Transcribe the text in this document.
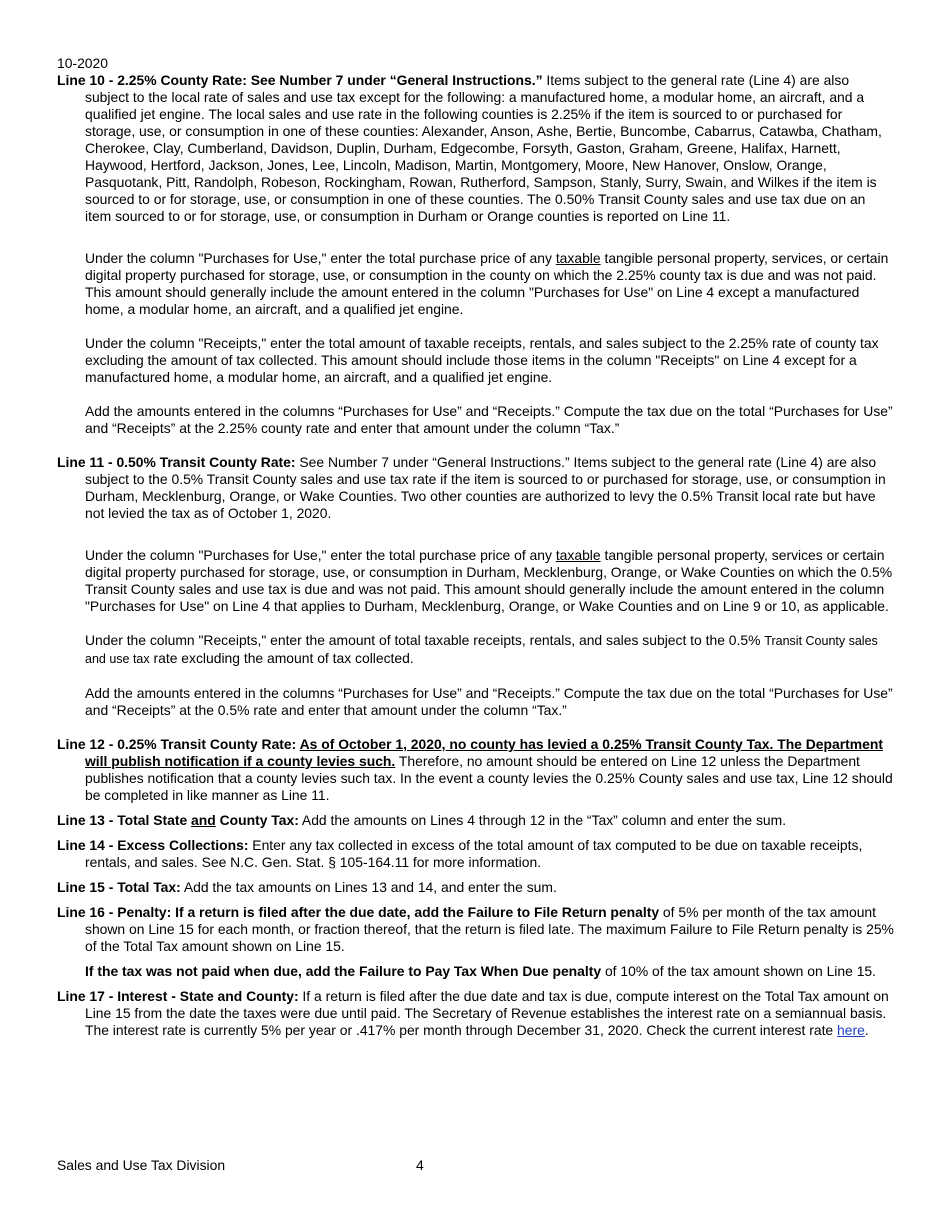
10-2020
Line 10 - 2.25% County Rate: See Number 7 under “General Instructions.” Items subject to the general rate (Line 4) are also subject to the local rate of sales and use tax except for the following: a manufactured home, a modular home, an aircraft, and a qualified jet engine. The local sales and use rate in the following counties is 2.25% if the item is sourced to or purchased for storage, use, or consumption in one of these counties: Alexander, Anson, Ashe, Bertie, Buncombe, Cabarrus, Catawba, Chatham, Cherokee, Clay, Cumberland, Davidson, Duplin, Durham, Edgecombe, Forsyth, Gaston, Graham, Greene, Halifax, Harnett, Haywood, Hertford, Jackson, Jones, Lee, Lincoln, Madison, Martin, Montgomery, Moore, New Hanover, Onslow, Orange, Pasquotank, Pitt, Randolph, Robeson, Rockingham, Rowan, Rutherford, Sampson, Stanly, Surry, Swain, and Wilkes if the item is sourced to or for storage, use, or consumption in one of these counties. The 0.50% Transit County sales and use tax due on an item sourced to or for storage, use, or consumption in Durham or Orange counties is reported on Line 11.
Under the column "Purchases for Use," enter the total purchase price of any taxable tangible personal property, services, or certain digital property purchased for storage, use, or consumption in the county on which the 2.25% county tax is due and was not paid. This amount should generally include the amount entered in the column "Purchases for Use" on Line 4 except a manufactured home, a modular home, an aircraft, and a qualified jet engine.
Under the column "Receipts," enter the total amount of taxable receipts, rentals, and sales subject to the 2.25% rate of county tax excluding the amount of tax collected. This amount should include those items in the column "Receipts" on Line 4 except for a manufactured home, a modular home, an aircraft, and a qualified jet engine.
Add the amounts entered in the columns “Purchases for Use” and “Receipts.” Compute the tax due on the total “Purchases for Use” and “Receipts” at the 2.25% county rate and enter that amount under the column “Tax.”
Line 11 - 0.50% Transit County Rate: See Number 7 under “General Instructions.” Items subject to the general rate (Line 4) are also subject to the 0.5% Transit County sales and use tax rate if the item is sourced to or purchased for storage, use, or consumption in Durham, Mecklenburg, Orange, or Wake Counties. Two other counties are authorized to levy the 0.5% Transit local rate but have not levied the tax as of October 1, 2020.
Under the column "Purchases for Use," enter the total purchase price of any taxable tangible personal property, services or certain digital property purchased for storage, use, or consumption in Durham, Mecklenburg, Orange, or Wake Counties on which the 0.5% Transit County sales and use tax is due and was not paid. This amount should generally include the amount entered in the column "Purchases for Use" on Line 4 that applies to Durham, Mecklenburg, Orange, or Wake Counties and on Line 9 or 10, as applicable.
Under the column "Receipts," enter the amount of total taxable receipts, rentals, and sales subject to the 0.5% Transit County sales and use tax rate excluding the amount of tax collected.
Add the amounts entered in the columns “Purchases for Use” and “Receipts.” Compute the tax due on the total “Purchases for Use” and “Receipts” at the 0.5% rate and enter that amount under the column “Tax.”
Line 12 - 0.25% Transit County Rate: As of October 1, 2020, no county has levied a 0.25% Transit County Tax. The Department will publish notification if a county levies such. Therefore, no amount should be entered on Line 12 unless the Department publishes notification that a county levies such tax. In the event a county levies the 0.25% County sales and use tax, Line 12 should be completed in like manner as Line 11.
Line 13 - Total State and County Tax: Add the amounts on Lines 4 through 12 in the “Tax” column and enter the sum.
Line 14 - Excess Collections: Enter any tax collected in excess of the total amount of tax computed to be due on taxable receipts, rentals, and sales. See N.C. Gen. Stat. § 105-164.11 for more information.
Line 15 - Total Tax: Add the tax amounts on Lines 13 and 14, and enter the sum.
Line 16 - Penalty: If a return is filed after the due date, add the Failure to File Return penalty of 5% per month of the tax amount shown on Line 15 for each month, or fraction thereof, that the return is filed late. The maximum Failure to File Return penalty is 25% of the Total Tax amount shown on Line 15.
If the tax was not paid when due, add the Failure to Pay Tax When Due penalty of 10% of the tax amount shown on Line 15.
Line 17 - Interest - State and County: If a return is filed after the due date and tax is due, compute interest on the Total Tax amount on Line 15 from the date the taxes were due until paid. The Secretary of Revenue establishes the interest rate on a semiannual basis. The interest rate is currently 5% per year or .417% per month through December 31, 2020. Check the current interest rate here.
Sales and Use Tax Division	4
